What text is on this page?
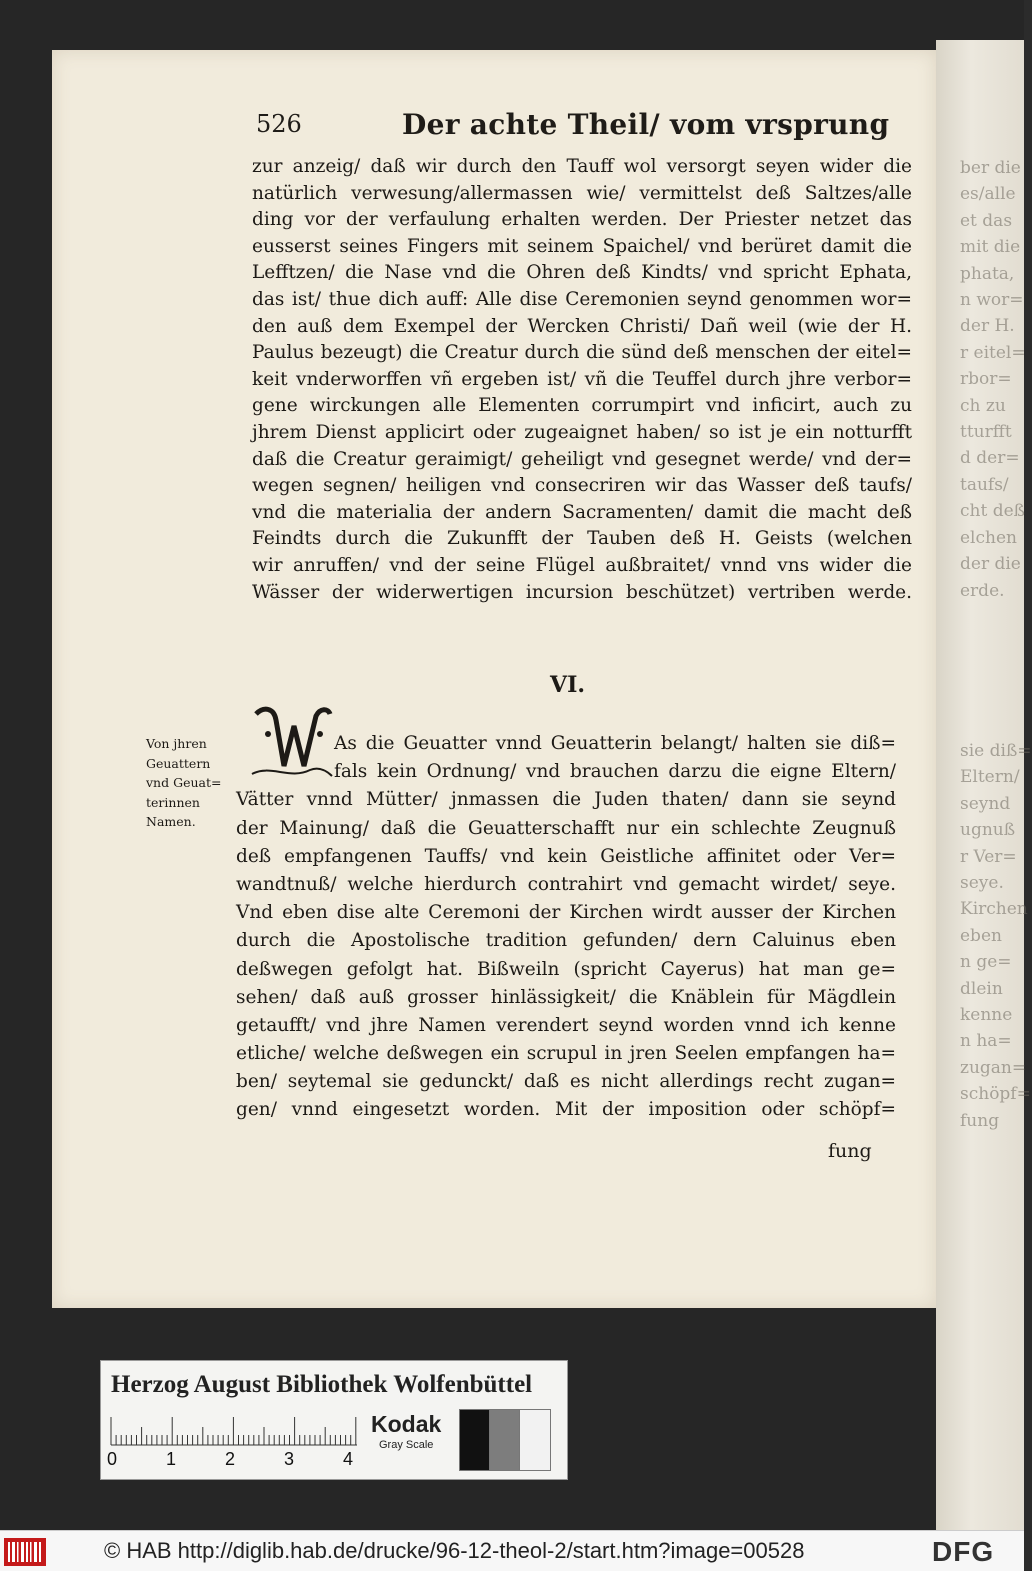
ber die
es/alle
et das
mit die
phata,
n wor=
der H.
r eitel=
rbor=
ch zu
tturfft
d der=
taufs/
cht deß
elchen
der die
erde.
sie diß=
Eltern/
seynd
ugnuß
r Ver=
seye.
Kirchen
eben
n ge=
dlein
kenne
n ha=
zugan=
schöpf=
fung
526	Der achte Theil/ vom vrsprung
zur anzeig/ daß wir durch den Tauff wol versorgt seyen wider die
natürlich verwesung/allermassen wie/ vermittelst deß Saltzes/alle
ding vor der verfaulung erhalten werden. Der Priester netzet das
eusserst seines Fingers mit seinem Spaichel/ vnd berüret damit die
Lefftzen/ die Nase vnd die Ohren deß Kindts/ vnd spricht Ephata,
das ist/ thue dich auff: Alle dise Ceremonien seynd genommen wor=
den auß dem Exempel der Wercken Christi/ Dañ weil (wie der H.
Paulus bezeugt) die Creatur durch die sünd deß menschen der eitel=
keit vnderworffen vñ ergeben ist/ vñ die Teuffel durch jhre verbor=
gene wirckungen alle Elementen corrumpirt vnd inficirt, auch zu
jhrem Dienst applicirt oder zugeaignet haben/ so ist je ein notturfft
daß die Creatur geraimigt/ geheiligt vnd gesegnet werde/ vnd der=
wegen segnen/ heiligen vnd consecriren wir das Wasser deß taufs/
vnd die materialia der andern Sacramenten/ damit die macht deß
Feindts durch die Zukunfft der Tauben deß H. Geists (welchen
wir anruffen/ vnd der seine Flügel außbraitet/ vnnd vns wider die
Wässer der widerwertigen incursion beschützet) vertriben werde.
VI.
As die Geuatter vnnd Geuatterin belangt/ halten sie diß=
fals kein Ordnung/ vnd brauchen darzu die eigne Eltern/
Vätter vnnd Mütter/ jnmassen die Juden thaten/ dann sie seynd
der Mainung/ daß die Geuatterschafft nur ein schlechte Zeugnuß
deß empfangenen Tauffs/ vnd kein Geistliche affinitet oder Ver=
wandtnuß/ welche hierdurch contrahirt vnd gemacht wirdet/ seye.
Vnd eben dise alte Ceremoni der Kirchen wirdt ausser der Kirchen
durch die Apostolische tradition gefunden/ dern Caluinus eben
deßwegen gefolgt hat. Bißweiln (spricht Cayerus) hat man ge=
sehen/ daß auß grosser hinlässigkeit/ die Knäblein für Mägdlein
getaufft/ vnd jhre Namen verendert seynd worden vnnd ich kenne
etliche/ welche deßwegen ein scrupul in jren Seelen empfangen ha=
ben/ seytemal sie gedunckt/ daß es nicht allerdings recht zugan=
gen/ vnnd eingesetzt worden. Mit der imposition oder schöpf=
fung
Von jhren
Geuattern
vnd Geuat=
terinnen
Namen.
Herzog August Bibliothek Wolfenbüttel
0	1	2	3	4
Kodak
Gray Scale
© HAB http://diglib.hab.de/drucke/96-12-theol-2/start.htm?image=00528	DFG
